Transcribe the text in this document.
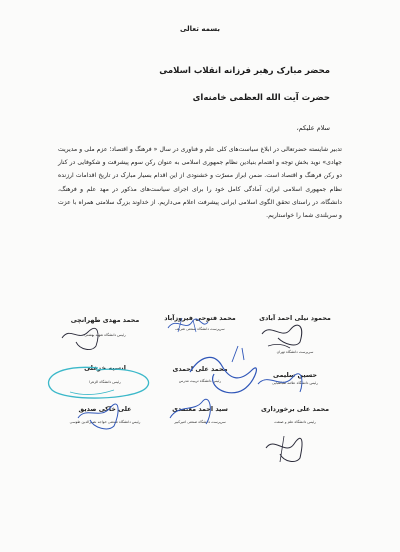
بسمه تعالی
محضر مبارک رهبر فرزانه انقلاب اسلامی
حضرت آیت الله العظمی خامنه‌ای
سلام علیکم،
تدبیر شایسته حضرتعالی در ابلاغ سیاست‌های کلی علم و فناوری در سال « فرهنگ و اقتصاد؛ عزم ملی و مدیریت جهادی» نوید بخش توجه و اهتمام بنیادین نظام جمهوری اسلامی به عنوان رکن سوم پیشرفت و شکوفایی در کنار دو رکن فرهنگ و اقتصاد است. ضمن ابراز مسرّت و خشنودی از این اقدام بسیار مبارک در تاریخ اقدامات ارزنده نظام جمهوری اسلامی ایران، آمادگی کامل خود را برای اجرای سیاست‌های مذکور در مهد علم و فرهنگ، دانشگاه، در راستای تحقق الگوی اسلامی ایرانی پیشرفت اعلام می‌داریم. از خداوند بزرگ سلامتی همراه با عزت و سربلندی شما را خواستاریم.
محمود نیلی احمد آبادی
سرپرست دانشگاه تهران
محمد فتوحی فیروزآباد
سرپرست دانشگاه صنعتی شریف
محمد مهدی طهرانچی
رئیس دانشگاه شهید بهشتی
حسین سلیمی
رئیس دانشگاه علامه طباطبایی
محمد علی احمدی
رئیس دانشگاه تربیت مدرس
انسیه خزعلی
رئیس دانشگاه الزهرا
محمد علی برخورداری
رئیس دانشگاه علم و صنعت
سید احمد معتمدی
سرپرست دانشگاه صنعتی امیرکبیر
علی خاکی صدیق
رئیس دانشگاه صنعتی خواجه نصیرالدین طوسی
